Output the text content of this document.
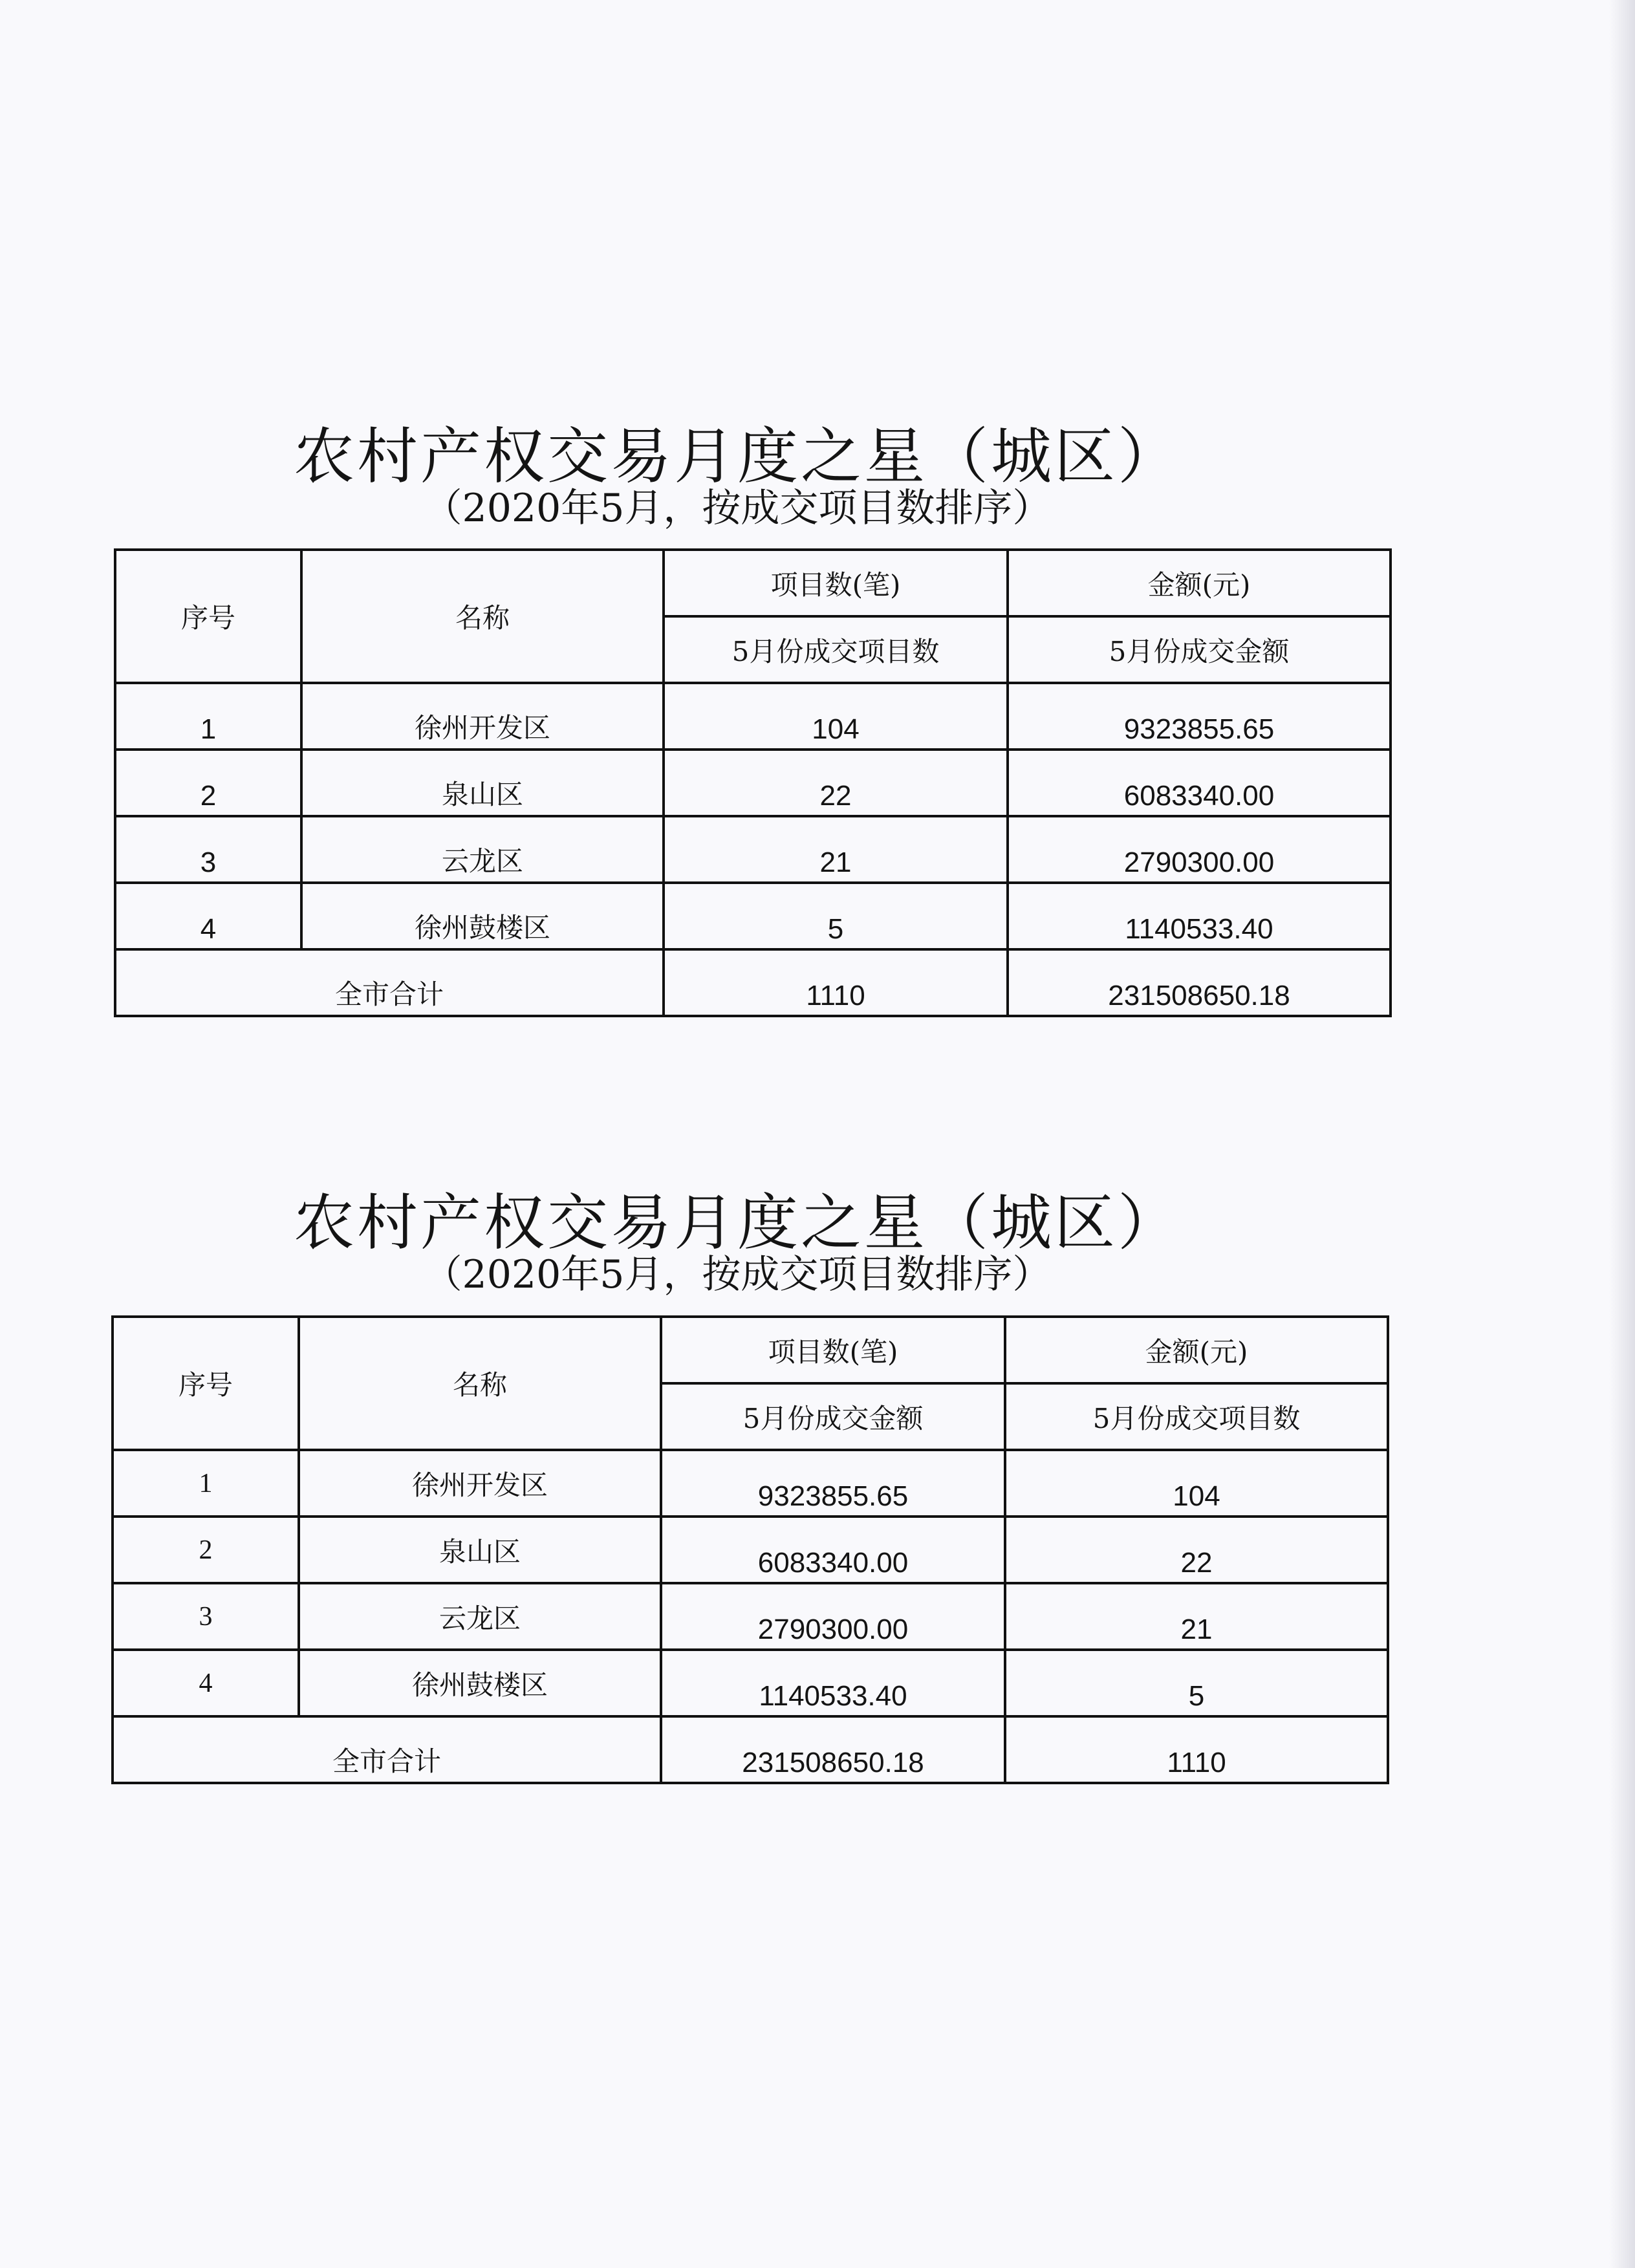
农村产权交易月度之星（城区）
（2020年5月，按成交项目数排序）
序号	名称	项目数(笔)	金额(元)
		5月份成交项目数	5月份成交金额
1	徐州开发区	104	9323855.65
2	泉山区	22	6083340.00
3	云龙区	21	2790300.00
4	徐州鼓楼区	5	1140533.40
全市合计		1110	231508650.18
农村产权交易月度之星（城区）
（2020年5月，按成交项目数排序）
序号	名称	项目数(笔)	金额(元)
		5月份成交金额	5月份成交项目数
1	徐州开发区	9323855.65	104
2	泉山区	6083340.00	22
3	云龙区	2790300.00	21
4	徐州鼓楼区	1140533.40	5
全市合计		231508650.18	1110
